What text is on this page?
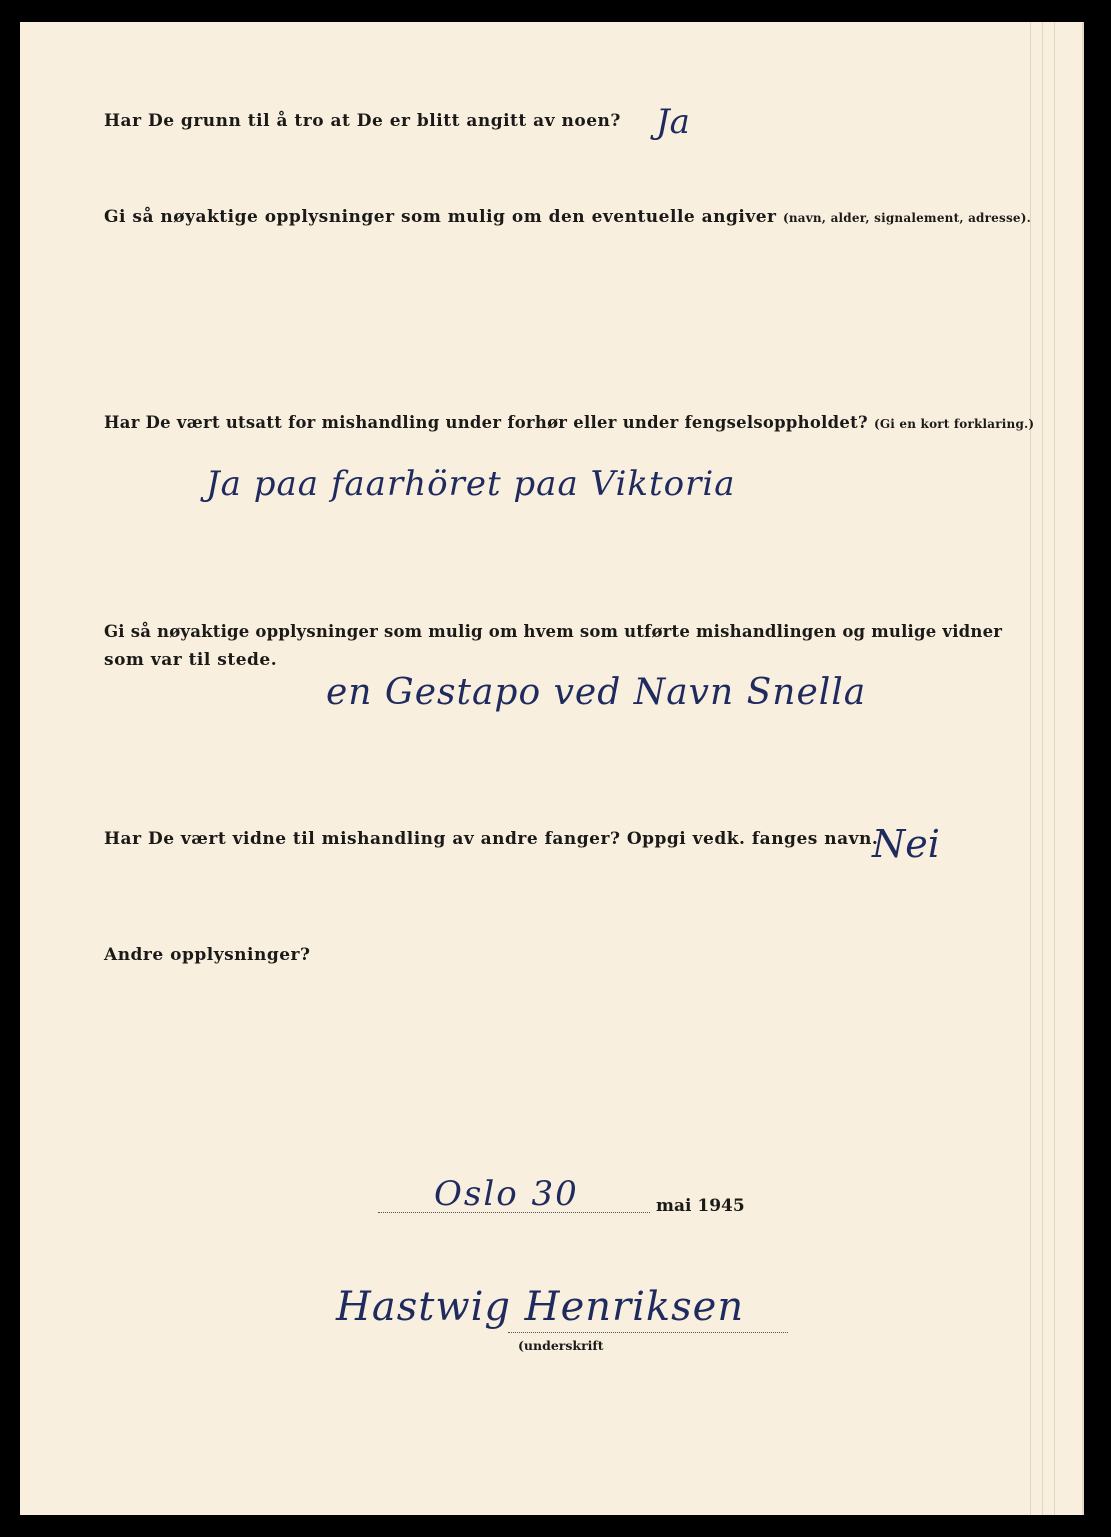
Har De grunn til å tro at De er blitt angitt av noen? Ja
Gi så nøyaktige opplysninger som mulig om den eventuelle angiver (navn, alder, signalement, adresse).
Har De vært utsatt for mishandling under forhør eller under fengselsoppholdet? (Gi en kort forklaring.)
Ja paa faarhöret paa Viktoria
Gi så nøyaktige opplysninger som mulig om hvem som utførte mishandlingen og mulige vidner
som var til stede.
en Gestapo ved Navn Snella
Har De vært vidne til mishandling av andre fanger? Oppgi vedk. fanges navn.
Nei
Andre opplysninger?
Oslo 30	mai 1945
Hastwig Henriksen
(underskrift
